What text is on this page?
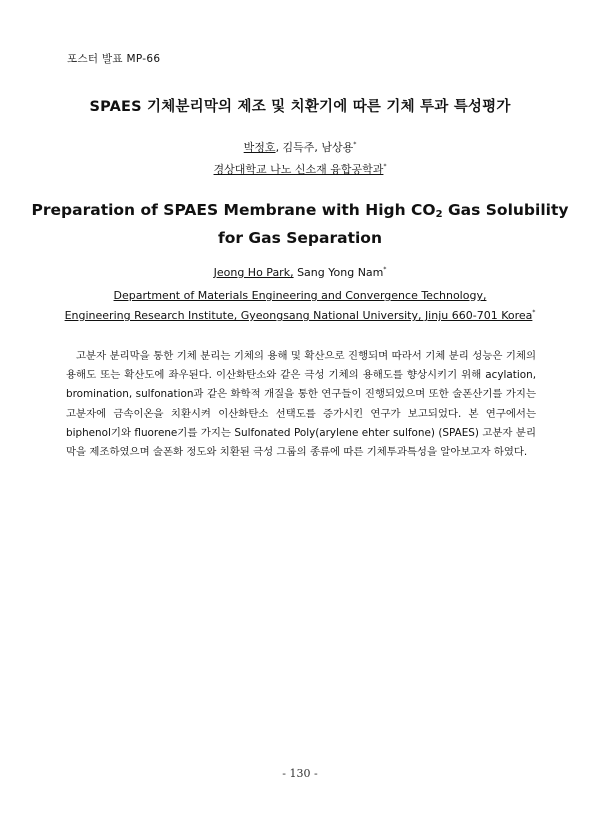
포스터 발표 MP-66
SPAES 기체분리막의 제조 및 치환기에 따른 기체 투과 특성평가
박정호, 김득주, 남상용*
경상대학교 나노 신소재 융합공학과*
Preparation of SPAES Membrane with High $CO_2$ Gas Solubility
for Gas Separation
Jeong Ho Park, Sang Yong Nam*
Department of Materials Engineering and Convergence Technology,
Engineering Research Institute, Gyeongsang National University, Jinju 660-701 Korea*
고분자 분리막을 통한 기체 분리는 기체의 용해 및 확산으로 진행되며 따라서 기체 분리 성능은 기체의 용해도 또는 확산도에 좌우된다. 이산화탄소와 같은 극성 기체의 용해도를 향상시키기 위해 acylation, bromination, sulfonation과 같은 화학적 개질을 통한 연구들이 진행되었으며 또한 술폰산기를 가지는 고분자에 금속이온을 치환시켜 이산화탄소 선택도를 증가시킨 연구가 보고되었다. 본 연구에서는 biphenol기와 fluorene기를 가지는 Sulfonated Poly(arylene ehter sulfone) (SPAES) 고분자 분리막을 제조하였으며 술폰화 정도와 치환된 극성 그룹의 종류에 따른 기체투과특성을 알아보고자 하였다.
- 130 -
